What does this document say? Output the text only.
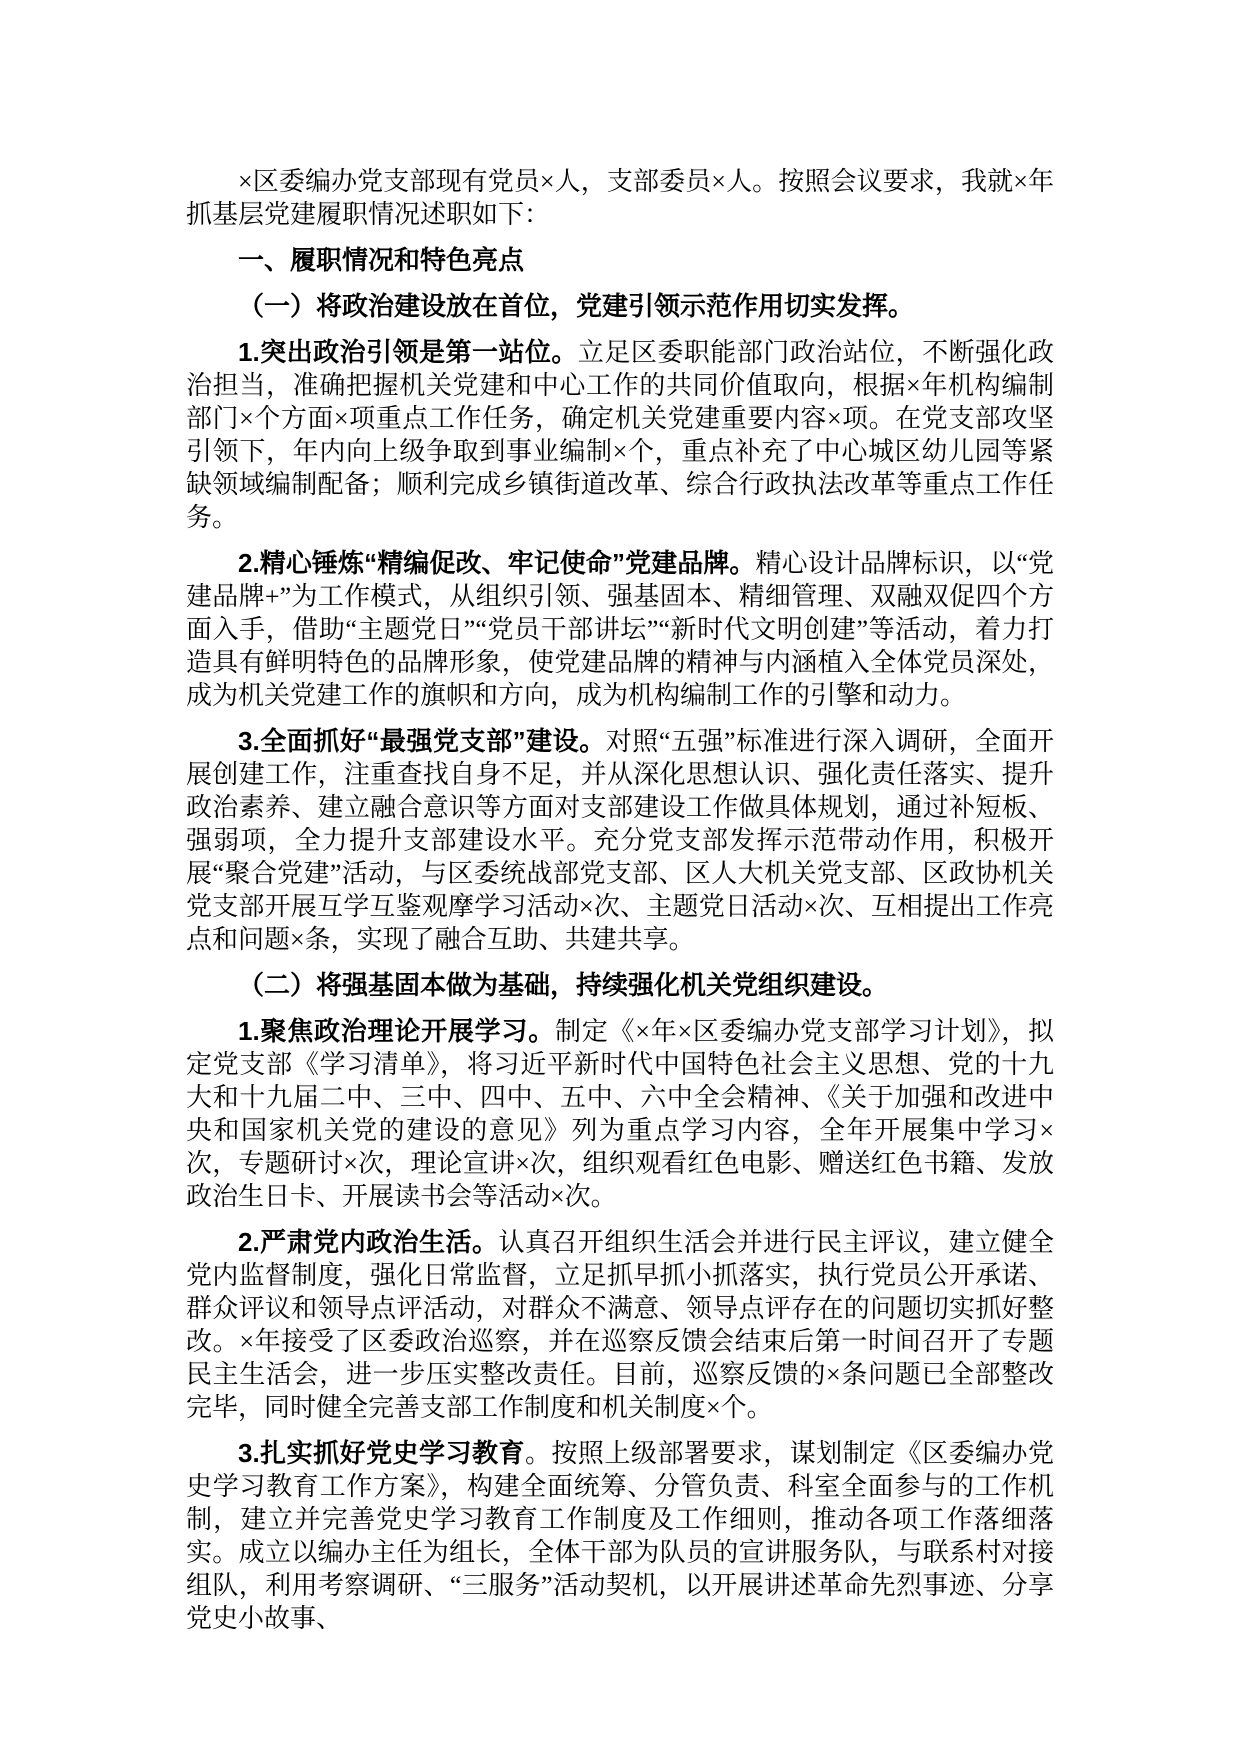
×区委编办党支部现有党员×人，支部委员×人。按照会议要求，我就×年抓基层党建履职情况述职如下：

一、履职情况和特色亮点

（一）将政治建设放在首位，党建引领示范作用切实发挥。

1.突出政治引领是第一站位。立足区委职能部门政治站位，不断强化政治担当，准确把握机关党建和中心工作的共同价值取向，根据×年机构编制部门×个方面×项重点工作任务，确定机关党建重要内容×项。在党支部攻坚引领下，年内向上级争取到事业编制×个，重点补充了中心城区幼儿园等紧缺领域编制配备；顺利完成乡镇街道改革、综合行政执法改革等重点工作任务。

2.精心锤炼“精编促改、牢记使命”党建品牌。精心设计品牌标识，以“党建品牌+”为工作模式，从组织引领、强基固本、精细管理、双融双促四个方面入手，借助“主题党日”“党员干部讲坛”“新时代文明创建”等活动，着力打造具有鲜明特色的品牌形象，使党建品牌的精神与内涵植入全体党员深处，成为机关党建工作的旗帜和方向，成为机构编制工作的引擎和动力。

3.全面抓好“最强党支部”建设。对照“五强”标准进行深入调研，全面开展创建工作，注重查找自身不足，并从深化思想认识、强化责任落实、提升政治素养、建立融合意识等方面对支部建设工作做具体规划，通过补短板、强弱项，全力提升支部建设水平。充分党支部发挥示范带动作用，积极开展“聚合党建”活动，与区委统战部党支部、区人大机关党支部、区政协机关党支部开展互学互鉴观摩学习活动×次、主题党日活动×次、互相提出工作亮点和问题×条，实现了融合互助、共建共享。

（二）将强基固本做为基础，持续强化机关党组织建设。

1.聚焦政治理论开展学习。制定《×年×区委编办党支部学习计划》，拟定党支部《学习清单》，将习近平新时代中国特色社会主义思想、党的十九大和十九届二中、三中、四中、五中、六中全会精神、《关于加强和改进中央和国家机关党的建设的意见》列为重点学习内容，全年开展集中学习×次，专题研讨×次，理论宣讲×次，组织观看红色电影、赠送红色书籍、发放政治生日卡、开展读书会等活动×次。

2.严肃党内政治生活。认真召开组织生活会并进行民主评议，建立健全党内监督制度，强化日常监督，立足抓早抓小抓落实，执行党员公开承诺、群众评议和领导点评活动，对群众不满意、领导点评存在的问题切实抓好整改。×年接受了区委政治巡察，并在巡察反馈会结束后第一时间召开了专题民主生活会，进一步压实整改责任。目前，巡察反馈的×条问题已全部整改完毕，同时健全完善支部工作制度和机关制度×个。

3.扎实抓好党史学习教育。按照上级部署要求，谋划制定《区委编办党史学习教育工作方案》，构建全面统筹、分管负责、科室全面参与的工作机制，建立并完善党史学习教育工作制度及工作细则，推动各项工作落细落实。成立以编办主任为组长，全体干部为队员的宣讲服务队，与联系村对接组队，利用考察调研、“三服务”活动契机，以开展讲述革命先烈事迹、分享党史小故事、
